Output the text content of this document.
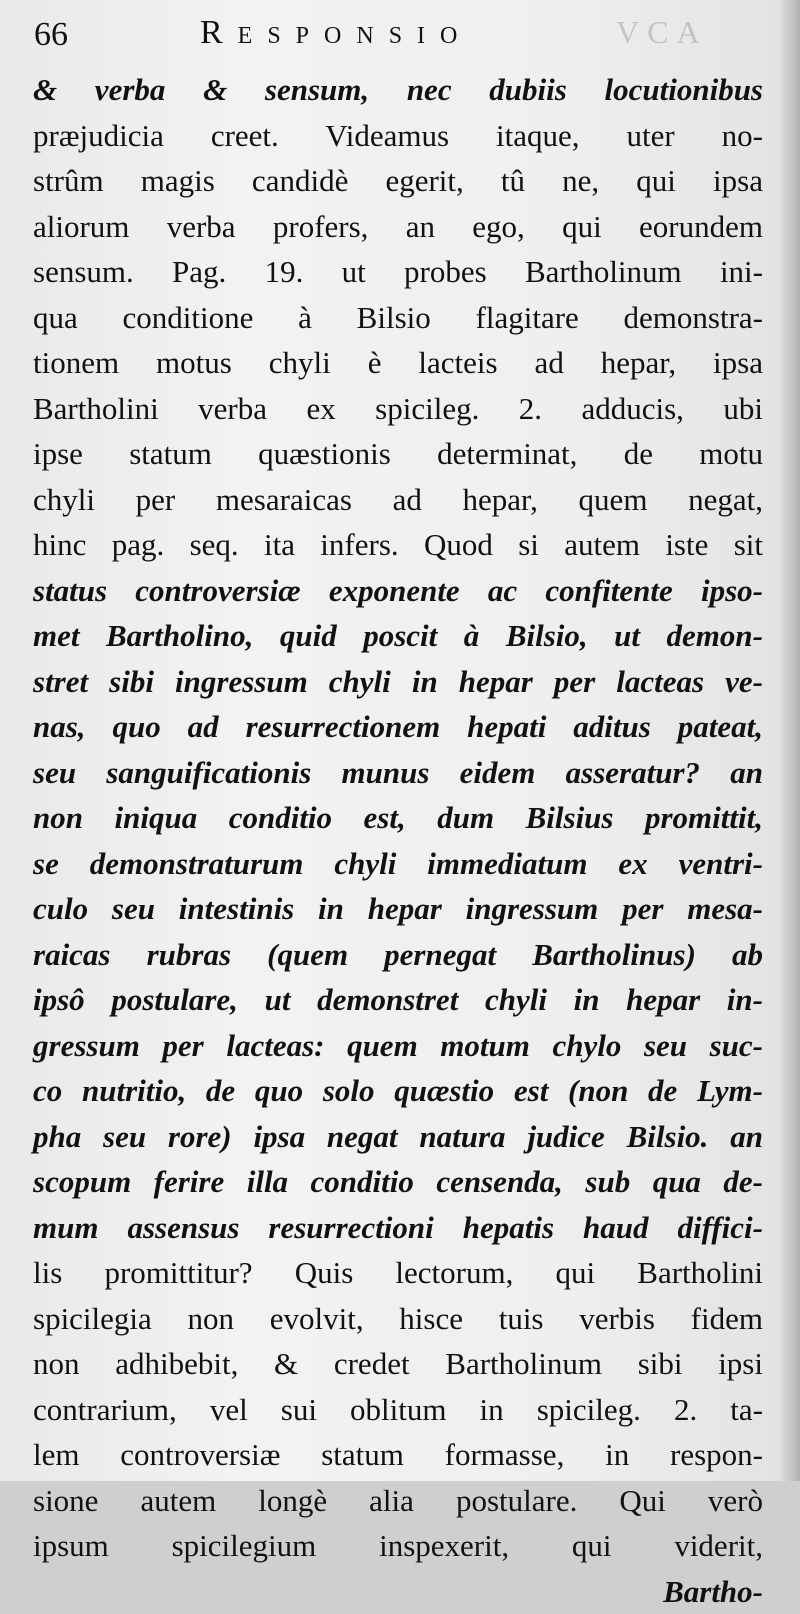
66	Responsio	VCA
& verba & sensum, nec dubiis locutionibus
præjudicia creet. Videamus itaque, uter no-
strûm magis candidè egerit, tû ne, qui ipsa
aliorum verba profers, an ego, qui eorundem
sensum. Pag. 19. ut probes Bartholinum ini-
qua conditione à Bilsio flagitare demonstra-
tionem motus chyli è lacteis ad hepar, ipsa
Bartholini verba ex spicileg. 2. adducis, ubi
ipse statum quæstionis determinat, de motu
chyli per mesaraicas ad hepar, quem negat,
hinc pag. seq. ita infers. Quod si autem iste sit
status controversiæ exponente ac confitente ipso-
met Bartholino, quid poscit à Bilsio, ut demon-
stret sibi ingressum chyli in hepar per lacteas ve-
nas, quo ad resurrectionem hepati aditus pateat,
seu sanguificationis munus eidem asseratur? an
non iniqua conditio est, dum Bilsius promittit,
se demonstraturum chyli immediatum ex ventri-
culo seu intestinis in hepar ingressum per mesa-
raicas rubras (quem pernegat Bartholinus) ab
ipsô postulare, ut demonstret chyli in hepar in-
gressum per lacteas: quem motum chylo seu suc-
co nutritio, de quo solo quæstio est (non de Lym-
pha seu rore) ipsa negat natura judice Bilsio. an
scopum ferire illa conditio censenda, sub qua de-
mum assensus resurrectioni hepatis haud diffici-
lis promittitur? Quis lectorum, qui Bartholini
spicilegia non evolvit, hisce tuis verbis fidem
non adhibebit, & credet Bartholinum sibi ipsi
contrarium, vel sui oblitum in spicileg. 2. ta-
lem controversiæ statum formasse, in respon-
sione autem longè alia postulare. Qui verò
ipsum spicilegium inspexerit, qui viderit,
Bartho-
